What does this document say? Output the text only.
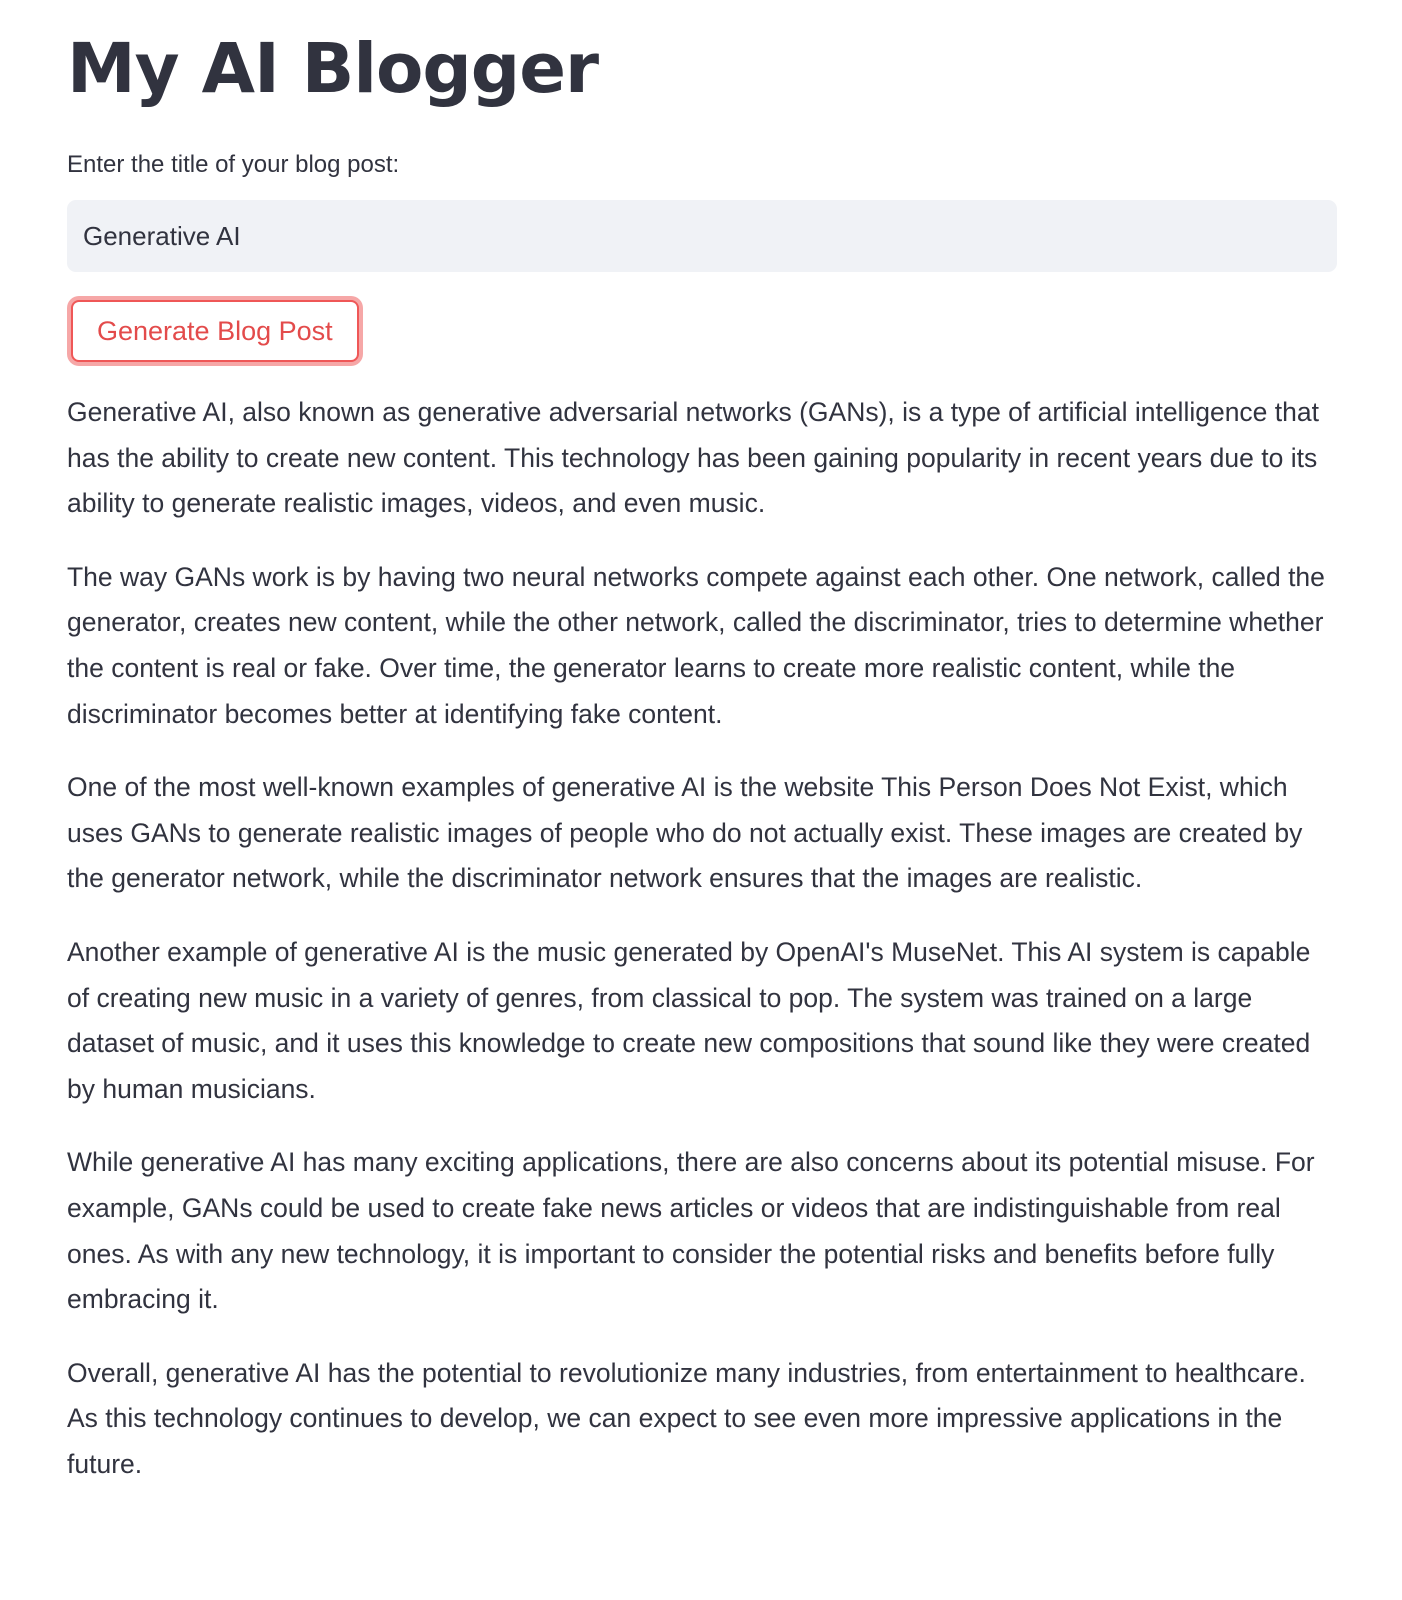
My AI Blogger
Enter the title of your blog post:
Generative AI
Generate Blog Post

Generative AI, also known as generative adversarial networks (GANs), is a type of artificial intelligence that has the ability to create new content. This technology has been gaining popularity in recent years due to its ability to generate realistic images, videos, and even music.

The way GANs work is by having two neural networks compete against each other. One network, called the generator, creates new content, while the other network, called the discriminator, tries to determine whether the content is real or fake. Over time, the generator learns to create more realistic content, while the discriminator becomes better at identifying fake content.

One of the most well-known examples of generative AI is the website This Person Does Not Exist, which uses GANs to generate realistic images of people who do not actually exist. These images are created by the generator network, while the discriminator network ensures that the images are realistic.

Another example of generative AI is the music generated by OpenAI's MuseNet. This AI system is capable of creating new music in a variety of genres, from classical to pop. The system was trained on a large dataset of music, and it uses this knowledge to create new compositions that sound like they were created by human musicians.

While generative AI has many exciting applications, there are also concerns about its potential misuse. For example, GANs could be used to create fake news articles or videos that are indistinguishable from real ones. As with any new technology, it is important to consider the potential risks and benefits before fully embracing it.

Overall, generative AI has the potential to revolutionize many industries, from entertainment to healthcare. As this technology continues to develop, we can expect to see even more impressive applications in the future.
